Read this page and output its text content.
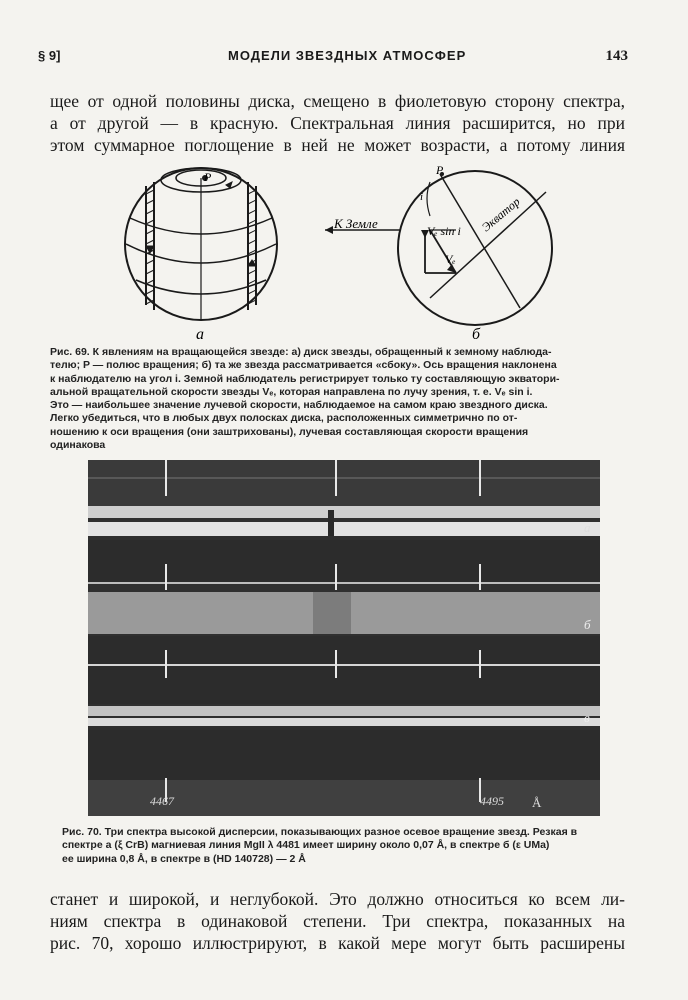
§ 9]	МОДЕЛИ ЗВЕЗДНЫХ АТМОСФЕР	143
щее от одной половины диска, смещено в фиолетовую сторону спектра,
а от другой — в красную. Спектральная линия расширится, но при
этом суммарное поглощение в ней не может возрасти, а потому линия
P
а
P
i
К Земле	Vₑ sin i
Vₑ
Экватор
б
Рис. 69. К явлениям на вращающейся звезде: а) диск звезды, обращенный к земному наблюда-
телю; P — полюс вращения; б) та же звезда рассматривается «сбоку». Ось вращения наклонена
к наблюдателю на угол i. Земной наблюдатель регистрирует только ту составляющую экватори-
альной вращательной скорости звезды Vₑ, которая направлена по лучу зрения, т. е. Vₑ sin i.
Это — наибольшее значение лучевой скорости, наблюдаемое на самом краю звездного диска.
Легко убедиться, что в любых двух полосках диска, расположенных симметрично по от-
ношению к оси вращения (они заштрихованы), лучевая составляющая скорости вращения
одинакова
а
б
в
4467	4495 Å
Рис. 70. Три спектра высокой дисперсии, показывающих разное осевое вращение звезд. Резкая в
спектре а (ξ CrB) магниевая линия MgII λ 4481 имеет ширину около 0,07 Å, в спектре б (ε UMa)
ее ширина 0,8 Å, в спектре в (HD 140728) — 2 Å
станет и широкой, и неглубокой. Это должно относиться ко всем ли-
ниям спектра в одинаковой степени. Три спектра, показанных на
рис. 70, хорошо иллюстрируют, в какой мере могут быть расширены
